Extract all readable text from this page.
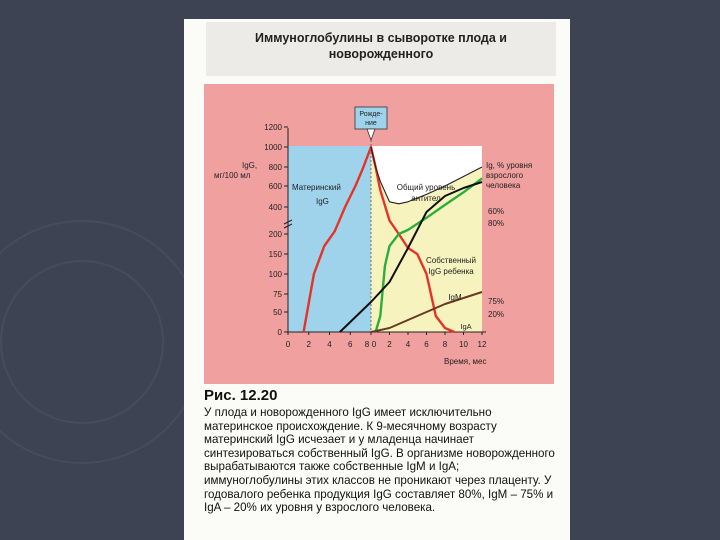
Иммуноглобулины в сыворотке плода и новорожденного
0
50
75
100
150
200
400
600
800
1000
1200
0 2 4 6 8 0 2 4 6 8 10 12
IgG,
мг/100 мл
Ig, % уровня
взрослого
человека
Время, мес
Рожде-
ние
Материнский
IgG
Общий уровень
антител
Собственный
IgG ребенка
IgM
IgA
60%
80%
75%
20%
Рис. 12.20
У плода и новорожденного IgG имеет исключительно материнское происхождение. К 9-месячному возрасту материнский IgG исчезает и у младенца начинает синтезироваться собственный IgG. В организме новорожденного вырабатываются также собственные IgM и IgA; иммуноглобулины этих классов не проникают через плаценту. У годовалого ребенка продукция IgG составляет 80%, IgM – 75% и IgA – 20% их уровня у взрослого человека.
